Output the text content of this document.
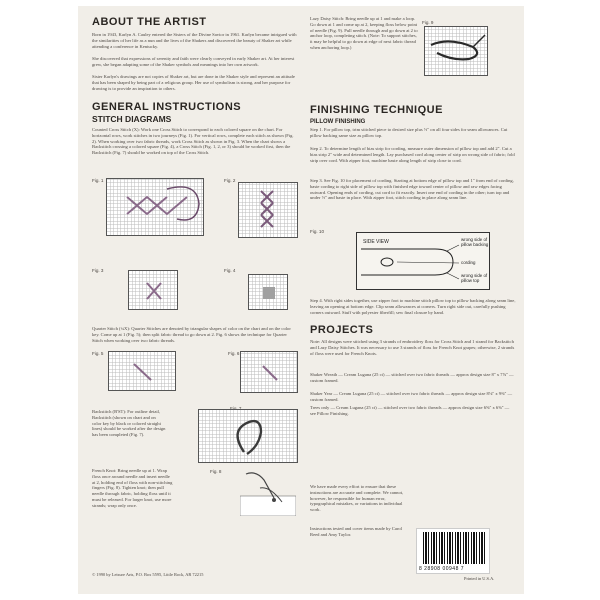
ABOUT THE ARTIST

Born in 1943, Karlyn A. Cauley entered the Sisters of the Divine Savior in 1961. Karlyn became intrigued with the similarities of her life as a nun and the lives of the Shakers and discovered the beauty of Shaker art while attending a conference in Kentucky.

She discovered that expressions of serenity and faith were clearly conveyed in early Shaker art. At her interest grew, she began adapting some of the Shaker symbols and meanings into her own artwork.

Sister Karlyn's drawings are not copies of Shaker art, but are done in the Shaker style and represent an attitude that has been shaped by being part of a religious group. Her use of symbolism is strong, and her purpose for drawing is to provide an inspiration to others.

GENERAL INSTRUCTIONS
STITCH DIAGRAMS

Counted Cross Stitch (X): Work one Cross Stitch to correspond to each colored square on the chart. For horizontal rows, work stitches in two journeys (Fig. 1). For vertical rows, complete each stitch as shown (Fig. 2). When working over two fabric threads, work Cross Stitch as shown in Fig. 3. When the chart shows a Backstitch crossing a colored square (Fig. 4), a Cross Stitch (Fig. 1, 2, or 3) should be worked first, then the Backstitch (Fig. 7) should be worked on top of the Cross Stitch.

Fig. 1	Fig. 2
Fig. 3	Fig. 4

Quarter Stitch (¼X): Quarter Stitches are denoted by triangular shapes of color on the chart and on the color key. Come up at 1 (Fig. 5); then split fabric thread to go down at 2. Fig. 6 shows the technique for Quarter Stitch when working over two fabric threads.

Fig. 5	Fig. 6

Backstitch (B'ST): For outline detail, Backstitch (shown on chart and on color key by black or colored straight lines) should be worked after the design has been completed (Fig. 7).

French Knot: Bring needle up at 1. Wrap floss once around needle and insert needle at 2, holding end of floss with non-stitching fingers (Fig. 8). Tighten knot; then pull needle through fabric, holding floss until it must be released. For larger knot, use more strands; wrap only once.

Fig. 8
© 1990 by Leisure Arts, P.O. Box 5595, Little Rock, AR 72215

Lazy Daisy Stitch: Bring needle up at 1 and make a loop. Go down at 1 and come up at 2, keeping floss below point of needle (Fig. 9). Pull needle through and go down at 2 to anchor loop, completing stitch. (Note: To support stitches, it may be helpful to go down at edge of next fabric thread when anchoring loop.)

Fig. 9
FINISHING TECHNIQUE
PILLOW FINISHING

Step 1. For pillow top, trim stitched piece to desired size plus ½" on all four sides for seam allowances. Cut pillow backing same size as pillow top.

Step 2. To determine length of bias strip for cording, measure outer dimension of pillow top and add 2". Cut a bias strip 2" wide and determined length. Lay purchased cord along center of strip on wrong side of fabric; fold strip over cord. With zipper foot, machine baste along length of strip close to cord.

Step 3. See Fig. 10 for placement of cording. Starting at bottom edge of pillow top and 1" from end of cording, baste cording to right side of pillow top with finished edge toward center of pillow and raw edges facing outward. Opening ends of cording, cut cord to fit exactly. Insert one end of cording in the other; turn top and under ½" and baste in place. With zipper foot, stitch cording in place along seam line.

Fig. 10
SIDE VIEW	wrong side of pillow backing
cording
wrong side of pillow top

Step 4. With right sides together, use zipper foot to machine stitch pillow top to pillow backing along seam line, leaving an opening at bottom edge. Clip seam allowances at corners. Turn right side out, carefully pushing corners outward. Stuff with polyester fiberfill; sew final closure by hand.

PROJECTS

Note: All designs were stitched using 3 strands of embroidery floss for Cross Stitch and 1 strand for Backstitch and Lazy Daisy Stitches. It was necessary to use 3 strands of floss for French Knot grapes; otherwise, 2 strands of floss were used for French Knots.

Shaker Wreath — Cream Lugana (25 ct) — stitched over two fabric threads — approx design size 8" x 7⅞" — custom framed.

Shaker Year — Cream Lugana (25 ct) — stitched over two fabric threads — approx design size 8⅛" x 9⅜" — custom framed.

Trees only — Cream Lugana (25 ct) — stitched over two fabric threads — approx design size 6⅝" x 6⅝" — see Pillow Finishing.

We have made every effort to ensure that these instructions are accurate and complete. We cannot, however, be responsible for human error, typographical mistakes, or variations in individual work.

Instructions tested and cover items made by Carol Reed and Amy Taylor.

8 28908 00948 7
Printed in U.S.A.
